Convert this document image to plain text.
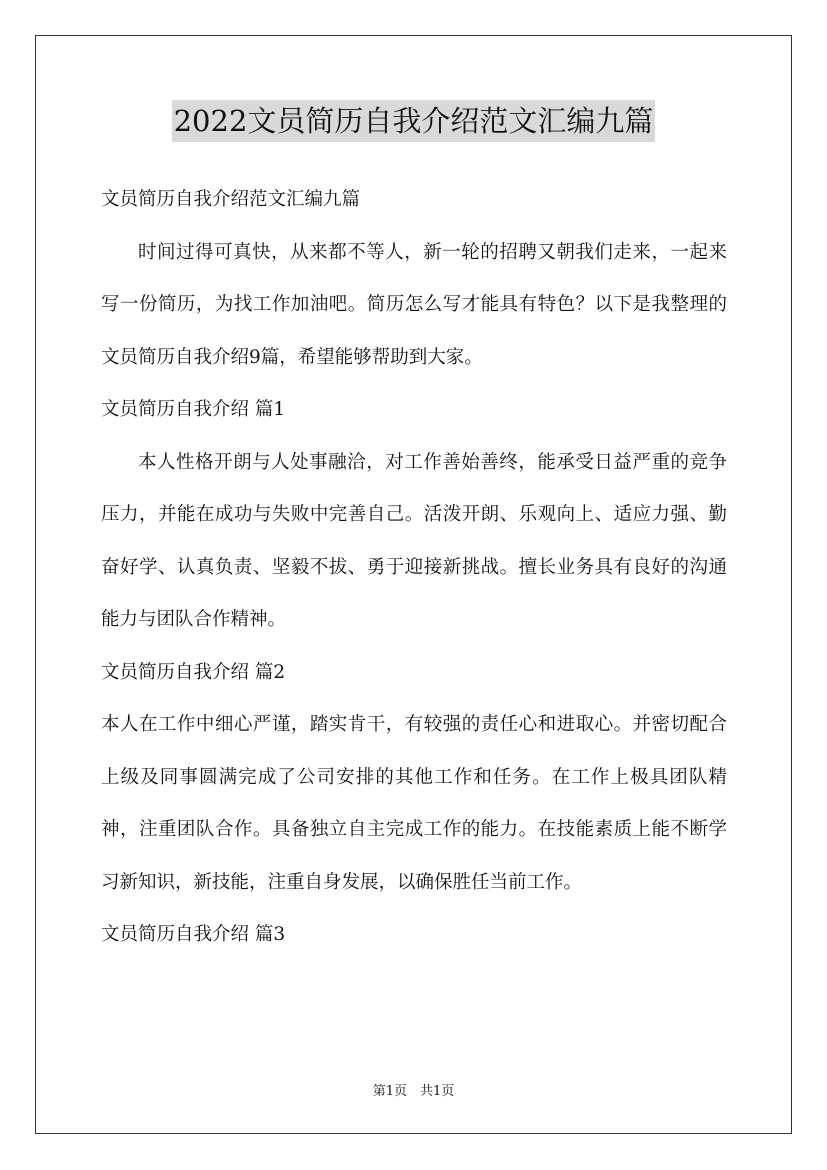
2022文员简历自我介绍范文汇编九篇

文员简历自我介绍范文汇编九篇

时间过得可真快，从来都不等人，新一轮的招聘又朝我们走来，一起来写一份简历，为找工作加油吧。简历怎么写才能具有特色？以下是我整理的文员简历自我介绍9篇，希望能够帮助到大家。

文员简历自我介绍 篇1

本人性格开朗与人处事融洽，对工作善始善终，能承受日益严重的竞争压力，并能在成功与失败中完善自己。活泼开朗、乐观向上、适应力强、勤奋好学、认真负责、坚毅不拔、勇于迎接新挑战。擅长业务具有良好的沟通能力与团队合作精神。

文员简历自我介绍 篇2

本人在工作中细心严谨，踏实肯干，有较强的责任心和进取心。并密切配合上级及同事圆满完成了公司安排的其他工作和任务。在工作上极具团队精神，注重团队合作。具备独立自主完成工作的能力。在技能素质上能不断学习新知识，新技能，注重自身发展，以确保胜任当前工作。

文员简历自我介绍 篇3

第1页　共1页
